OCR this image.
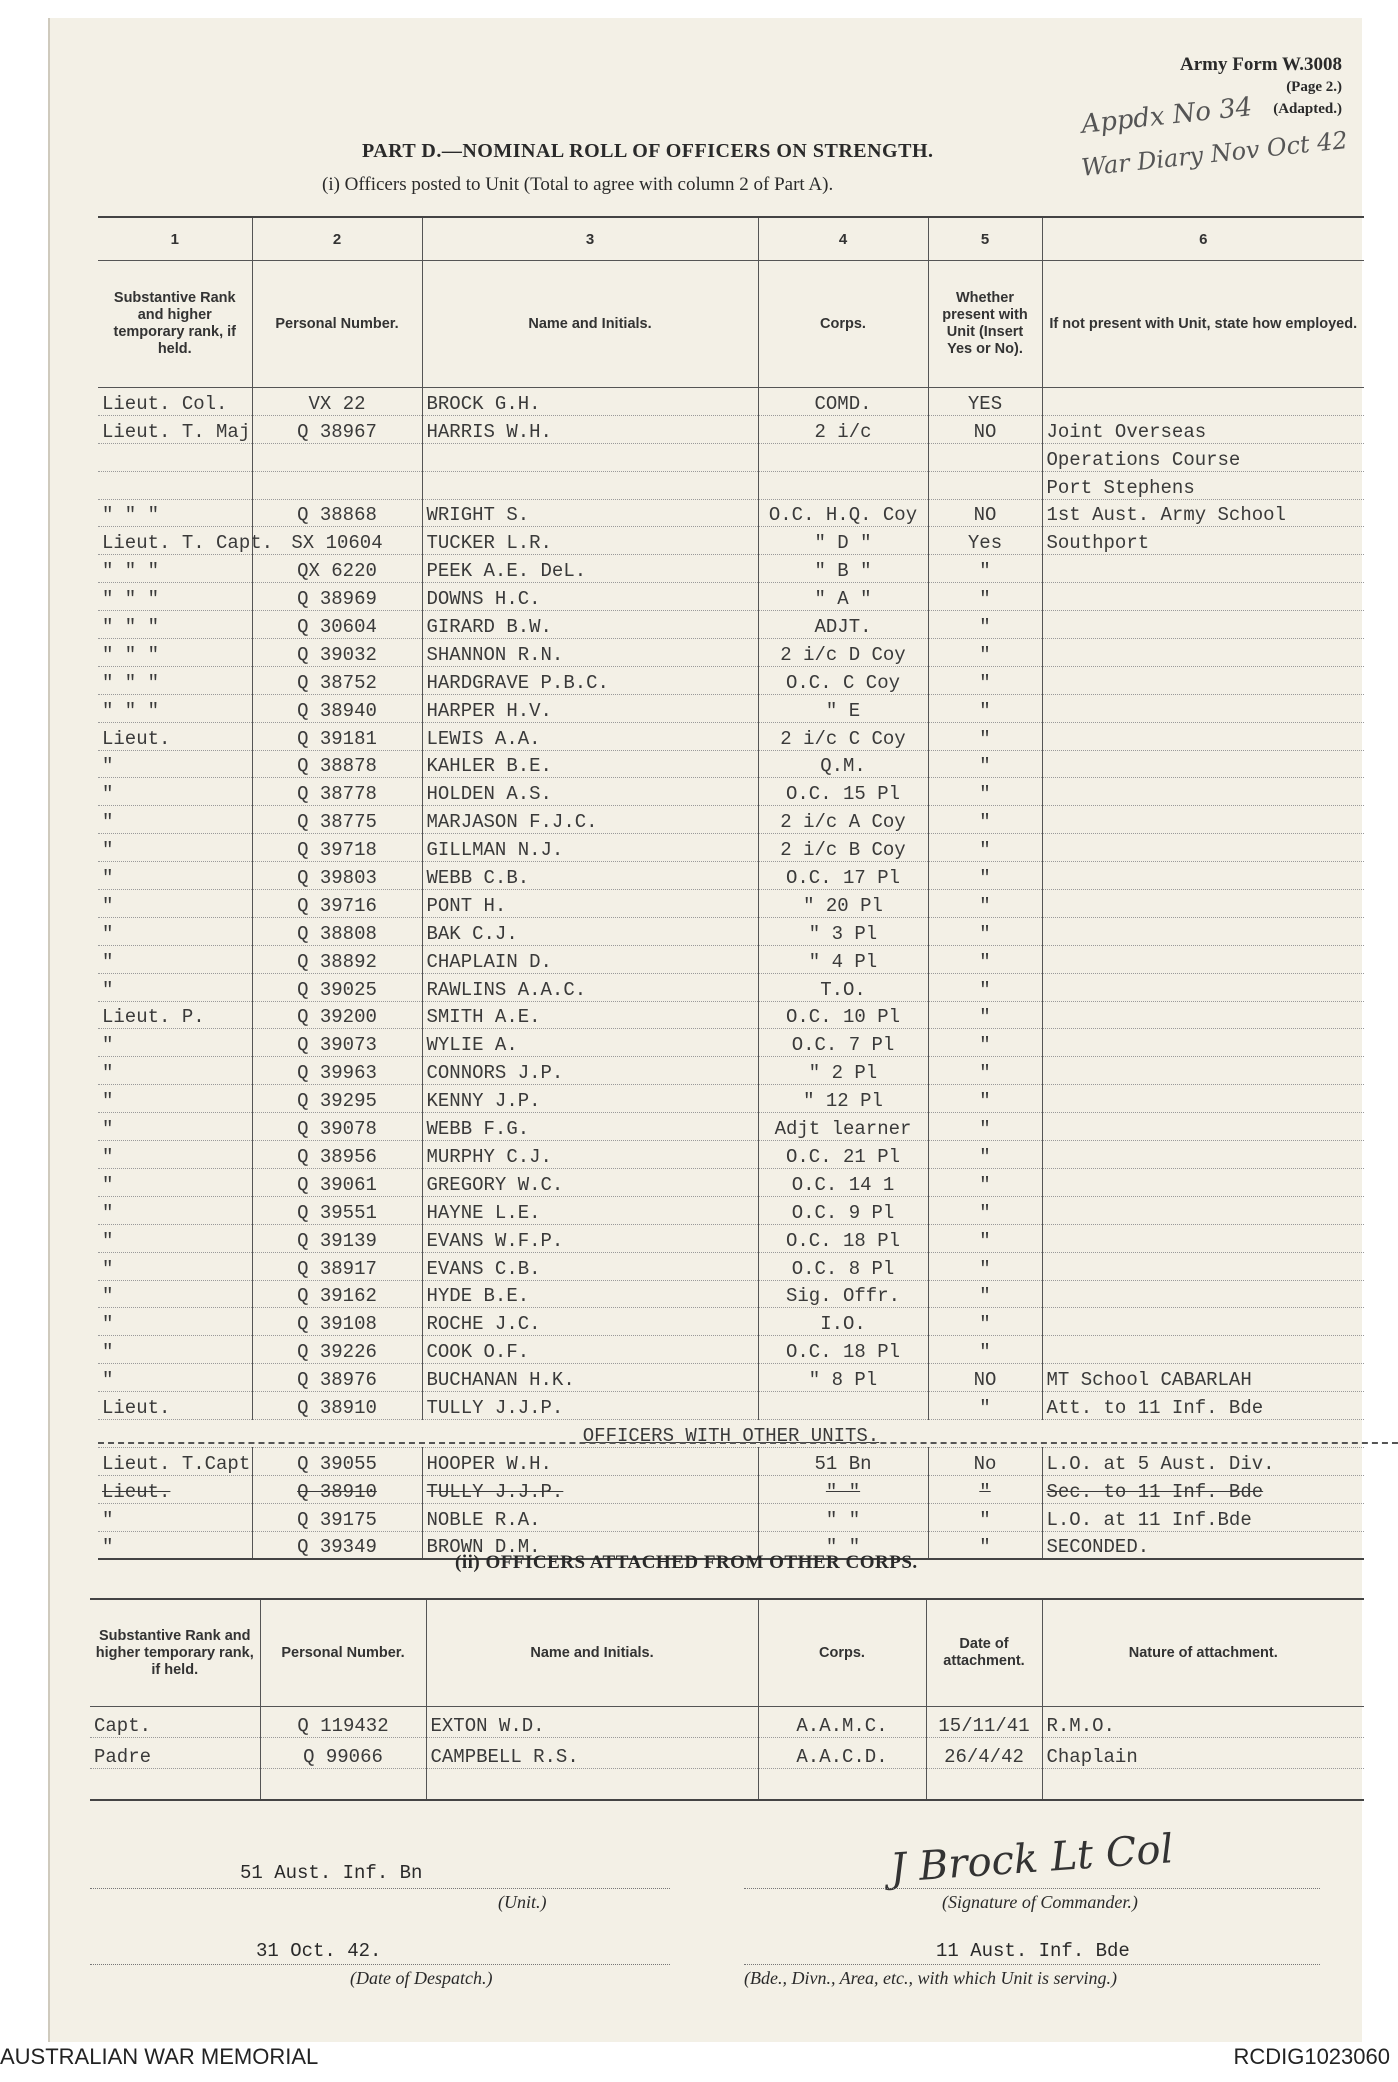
Army Form W.3008
(Page 2.)
(Adapted.)
Appdx No 34
War Diary Nov Oct 42
PART D.—NOMINAL ROLL OF OFFICERS ON STRENGTH.
(i) Officers posted to Unit (Total to agree with column 2 of Part A).
1	2	3	4	5	6
Substantive Rank and higher temporary rank, if held.	Personal Number.	Name and Initials.	Corps.	Whether present with Unit (Insert Yes or No).	If not present with Unit, state how employed.
Lieut. Col.	VX 22	BROCK G.H.	COMD.	YES	
Lieut. T. Maj	Q 38967	HARRIS W.H.	2 i/c	NO	Joint Overseas
					Operations Course
					Port Stephens
" " "	Q 38868	WRIGHT S.	O.C. H.Q. Coy	NO	1st Aust. Army School
Lieut. T. Capt.	SX 10604	TUCKER L.R.	" D "	Yes	Southport
" " "	QX 6220	PEEK A.E. DeL.	" B "	"	
" " "	Q 38969	DOWNS H.C.	" A "	"	
" " "	Q 30604	GIRARD B.W.	ADJT.	"	
" " "	Q 39032	SHANNON R.N.	2 i/c D Coy	"	
" " "	Q 38752	HARDGRAVE P.B.C.	O.C. C Coy	"	
" " "	Q 38940	HARPER H.V.	" E	"	
Lieut.	Q 39181	LEWIS A.A.	2 i/c C Coy	"	
"	Q 38878	KAHLER B.E.	Q.M.	"	
"	Q 38778	HOLDEN A.S.	O.C. 15 Pl	"	
"	Q 38775	MARJASON F.J.C.	2 i/c A Coy	"	
"	Q 39718	GILLMAN N.J.	2 i/c B Coy	"	
"	Q 39803	WEBB C.B.	O.C. 17 Pl	"	
"	Q 39716	PONT H.	" 20 Pl	"	
"	Q 38808	BAK C.J.	" 3 Pl	"	
"	Q 38892	CHAPLAIN D.	" 4 Pl	"	
"	Q 39025	RAWLINS A.A.C.	T.O.	"	
Lieut. P.	Q 39200	SMITH A.E.	O.C. 10 Pl	"	
"	Q 39073	WYLIE A.	O.C. 7 Pl	"	
"	Q 39963	CONNORS J.P.	" 2 Pl	"	
"	Q 39295	KENNY J.P.	" 12 Pl	"	
"	Q 39078	WEBB F.G.	Adjt learner	"	
"	Q 38956	MURPHY C.J.	O.C. 21 Pl	"	
"	Q 39061	GREGORY W.C.	O.C. 14 1	"	
"	Q 39551	HAYNE L.E.	O.C. 9 Pl	"	
"	Q 39139	EVANS W.F.P.	O.C. 18 Pl	"	
"	Q 38917	EVANS C.B.	O.C. 8 Pl	"	
"	Q 39162	HYDE B.E.	Sig. Offr.	"	
"	Q 39108	ROCHE J.C.	I.O.	"	
"	Q 39226	COOK O.F.	O.C. 18 Pl	"	
"	Q 38976	BUCHANAN H.K.	" 8 Pl	NO	MT School CABARLAH
Lieut.	Q 38910	TULLY J.J.P.		"	Att. to 11 Inf. Bde
OFFICERS WITH OTHER UNITS.					
Lieut. T.Capt	Q 39055	HOOPER W.H.	51 Bn	No	L.O. at 5 Aust. Div.
Lieut.	Q 38910	TULLY J.J.P.	" "	"	Sec. to 11 Inf. Bde
"	Q 39175	NOBLE R.A.	" "	"	L.O. at 11 Inf.Bde
"	Q 39349	BROWN D.M.	" "	"	SECONDED.
(ii) OFFICERS ATTACHED FROM OTHER CORPS.
Substantive Rank and higher temporary rank, if held.	Personal Number.	Name and Initials.	Corps.	Date of attachment.	Nature of attachment.
Capt.	Q 119432	EXTON W.D.	A.A.M.C.	15/11/41	R.M.O.
Padre	Q 99066	CAMPBELL R.S.	A.A.C.D.	26/4/42	Chaplain

51 Aust. Inf. Bn
(Unit.)
J Brock Lt Col
(Signature of Commander.)
31 Oct. 42.
(Date of Despatch.)
11 Aust. Inf. Bde
(Bde., Divn., Area, etc., with which Unit is serving.)
AUSTRALIAN WAR MEMORIAL	RCDIG1023060
